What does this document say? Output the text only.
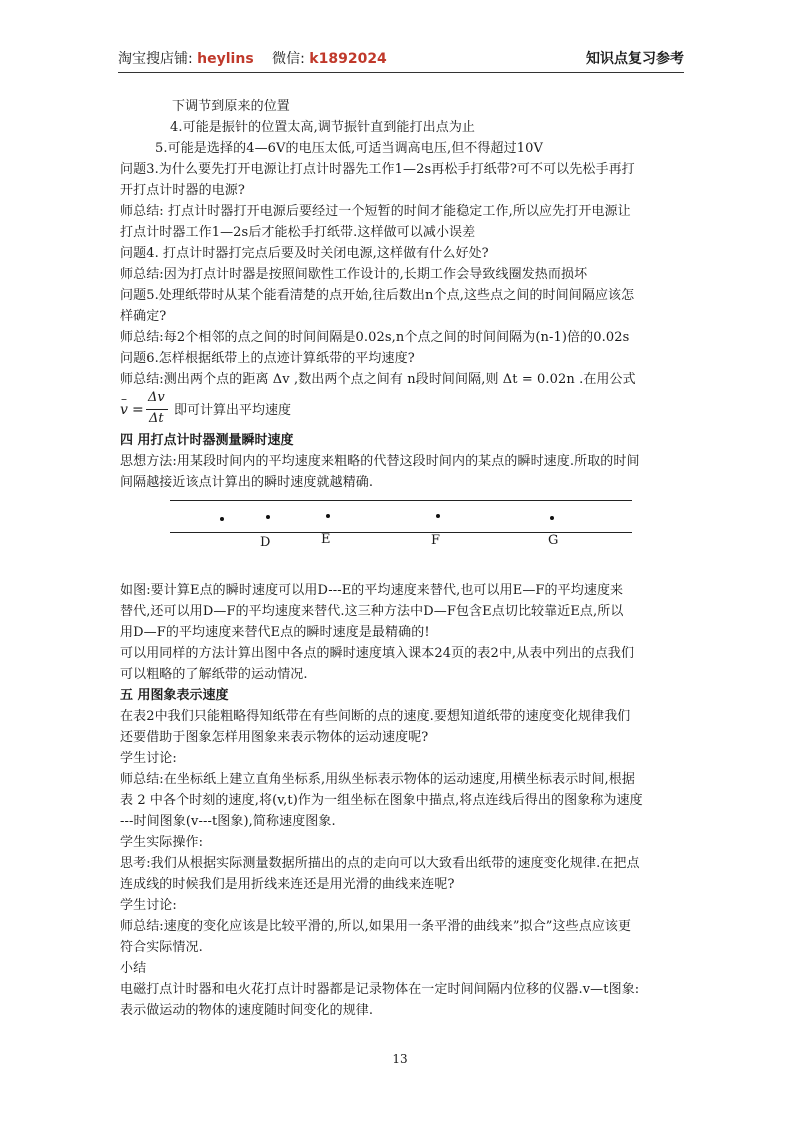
淘宝搜店铺: heylins 微信: k1892024	知识点复习参考
下调节到原来的位置
4.可能是振针的位置太高,调节振针直到能打出点为止
5.可能是选择的4—6V的电压太低,可适当调高电压,但不得超过10V
问题3.为什么要先打开电源让打点计时器先工作1—2s再松手打纸带?可不可以先松手再打
开打点计时器的电源?
师总结: 打点计时器打开电源后要经过一个短暂的时间才能稳定工作,所以应先打开电源让
打点计时器工作1—2s后才能松手打纸带.这样做可以减小误差
问题4. 打点计时器打完点后要及时关闭电源,这样做有什么好处?
师总结:因为打点计时器是按照间歇性工作设计的,长期工作会导致线圈发热而损坏
问题5.处理纸带时从某个能看清楚的点开始,往后数出n个点,这些点之间的时间间隔应该怎
样确定?
师总结:每2个相邻的点之间的时间间隔是0.02s,n个点之间的时间间隔为(n-1)倍的0.02s
问题6.怎样根据纸带上的点迹计算纸带的平均速度?
师总结:测出两个点的距离 Δv ,数出两个点之间有 n段时间间隔,则 Δt = 0.02n .在用公式
–
v =
Δv
Δt
即可计算出平均速度
四 用打点计时器测量瞬时速度
思想方法:用某段时间内的平均速度来粗略的代替这段时间内的某点的瞬时速度.所取的时间
间隔越接近该点计算出的瞬时速度就越精确.
D	E	F	G
如图:要计算E点的瞬时速度可以用D---E的平均速度来替代,也可以用E—F的平均速度来
替代,还可以用D—F的平均速度来替代.这三种方法中D—F包含E点切比较靠近E点,所以
用D—F的平均速度来替代E点的瞬时速度是最精确的!
可以用同样的方法计算出图中各点的瞬时速度填入课本24页的表2中,从表中列出的点我们
可以粗略的了解纸带的运动情况.
五 用图象表示速度
在表2中我们只能粗略得知纸带在有些间断的点的速度.要想知道纸带的速度变化规律我们
还要借助于图象怎样用图象来表示物体的运动速度呢?
学生讨论:
师总结:在坐标纸上建立直角坐标系,用纵坐标表示物体的运动速度,用横坐标表示时间,根据
表 2 中各个时刻的速度,将(v,t)作为一组坐标在图象中描点,将点连线后得出的图象称为速度
---时间图象(v---t图象),简称速度图象.
学生实际操作:
思考:我们从根据实际测量数据所描出的点的走向可以大致看出纸带的速度变化规律.在把点
连成线的时候我们是用折线来连还是用光滑的曲线来连呢?
学生讨论:
师总结:速度的变化应该是比较平滑的,所以,如果用一条平滑的曲线来”拟合”这些点应该更
符合实际情况.
小结
电磁打点计时器和电火花打点计时器都是记录物体在一定时间间隔内位移的仪器.v—t图象:
表示做运动的物体的速度随时间变化的规律.
13
